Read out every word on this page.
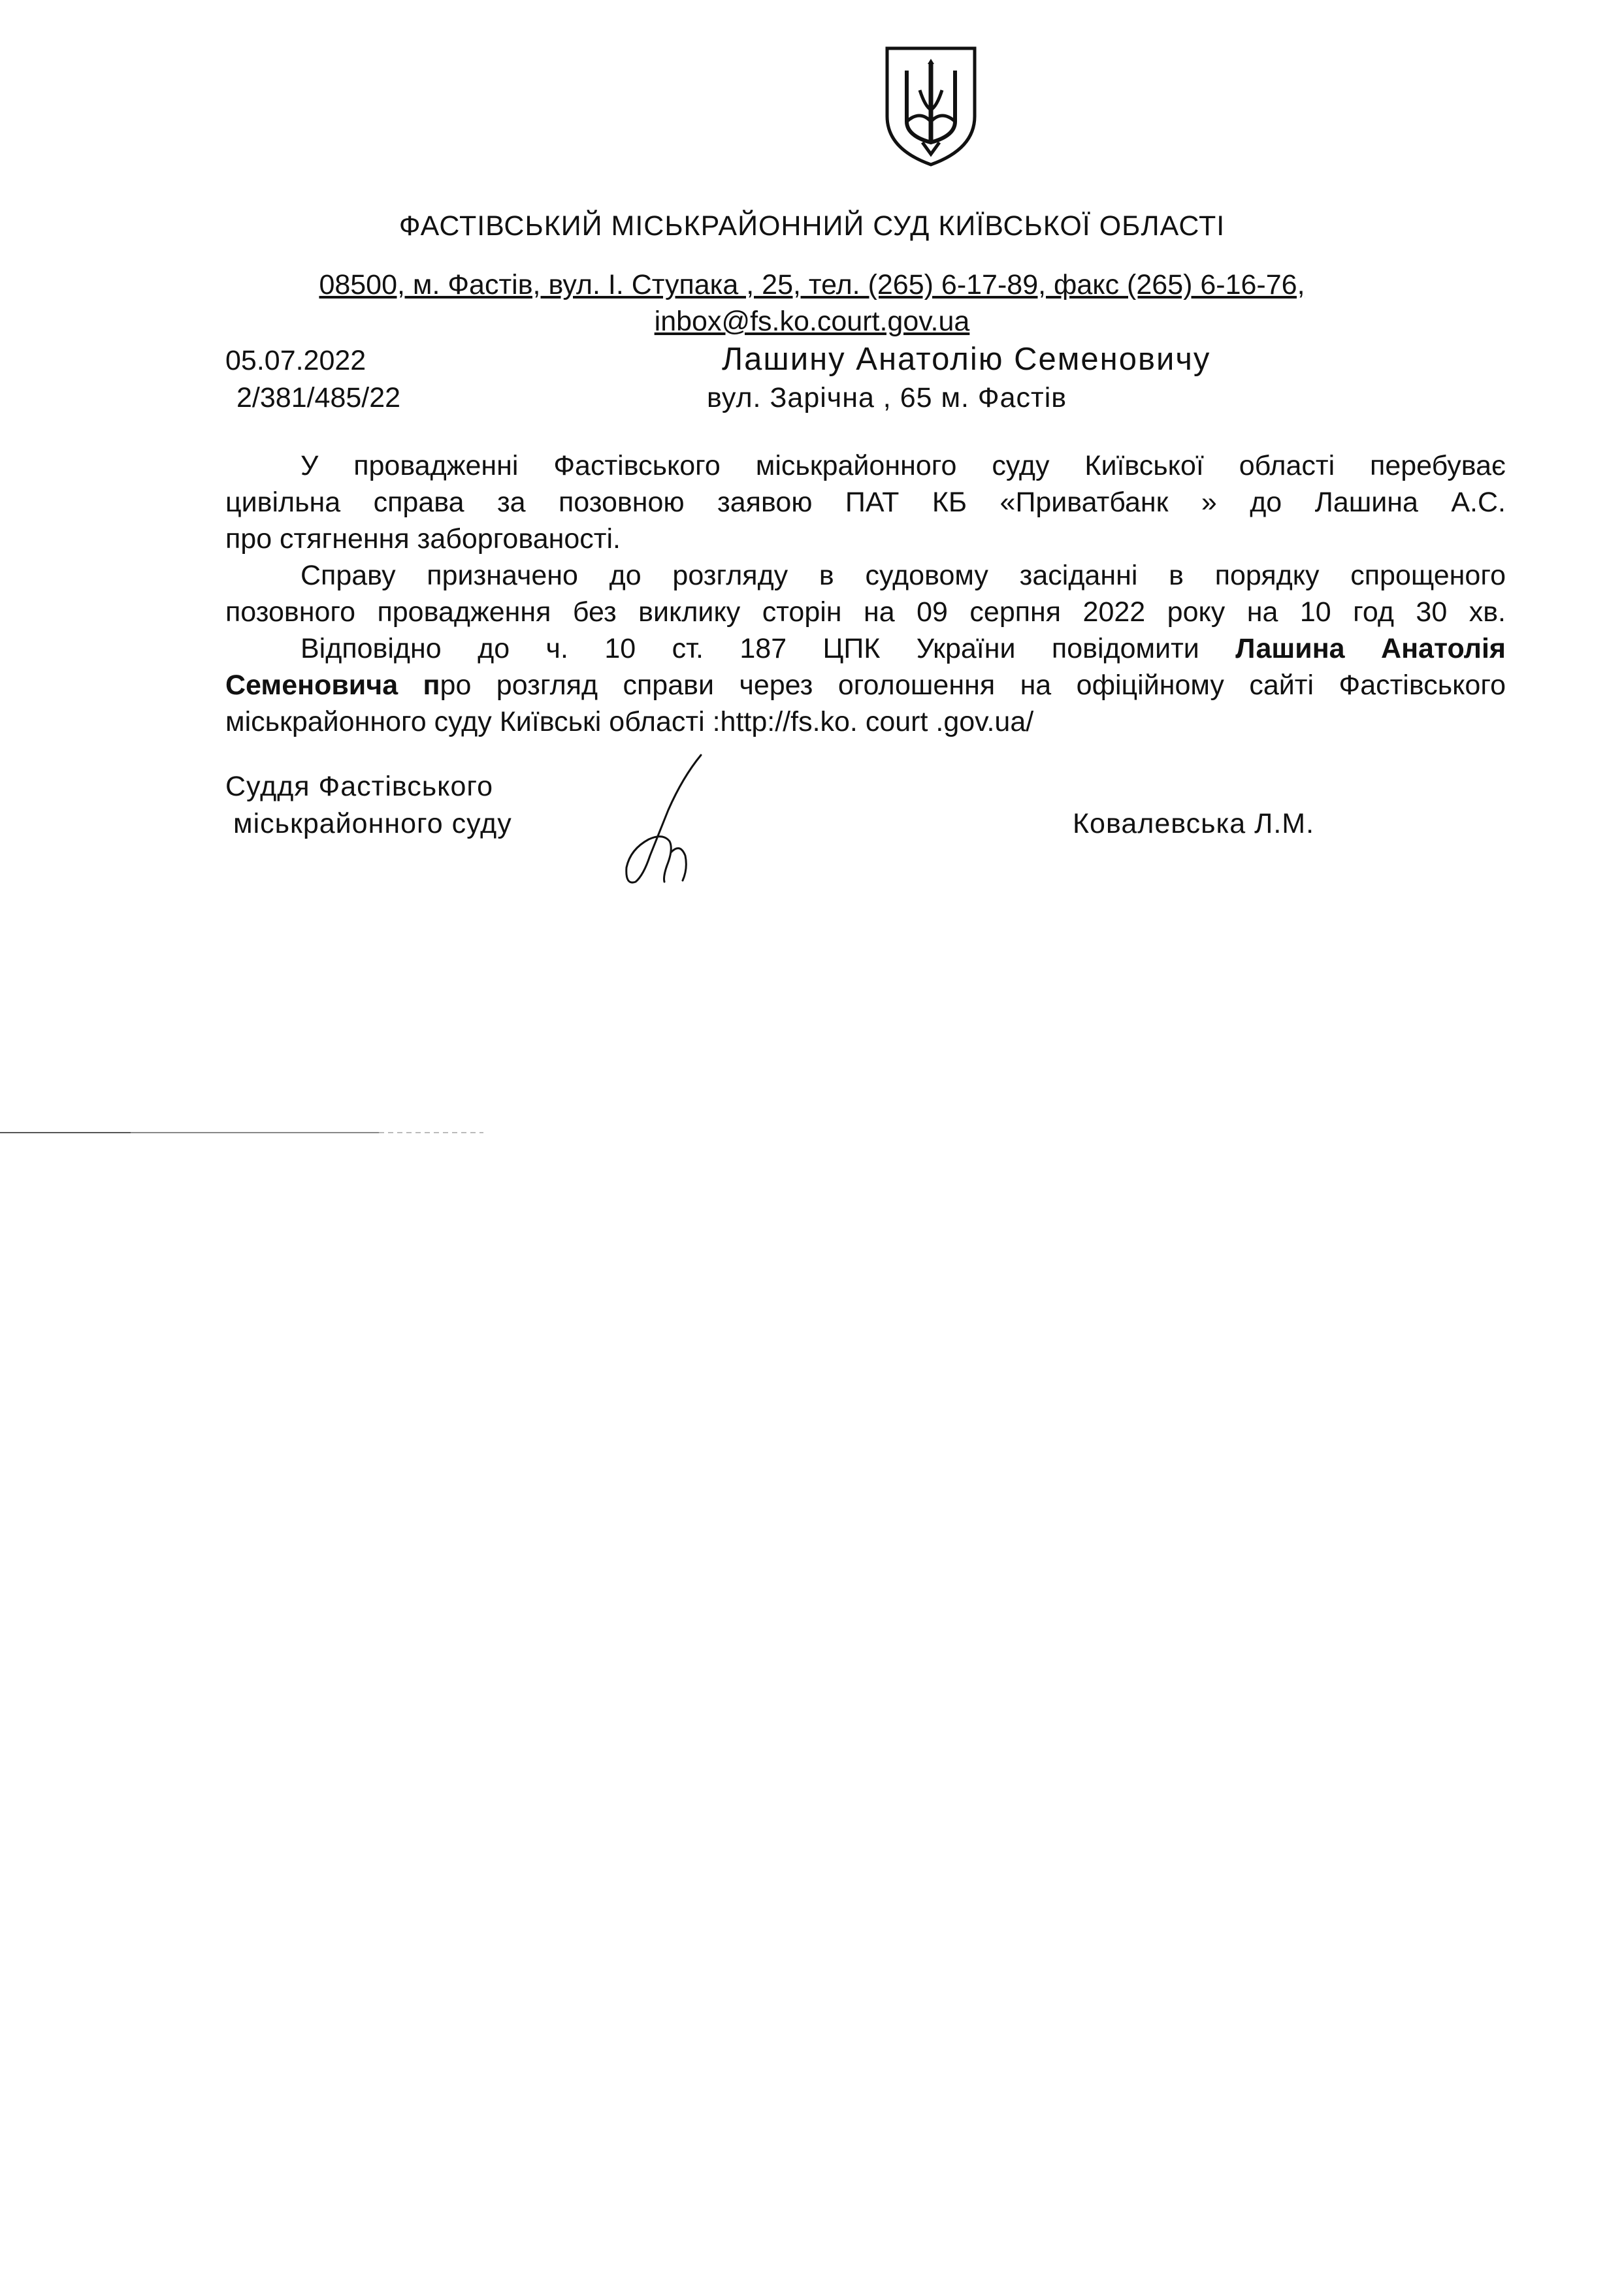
ФАСТІВСЬКИЙ МІСЬКРАЙОННИЙ СУД КИЇВСЬКОЇ ОБЛАСТІ
08500, м. Фастів, вул. І. Ступака , 25, тел. (265) 6-17-89, факс (265) 6-16-76,
inbox@fs.ko.court.gov.ua
05.07.2022
2/381/485/22
Лашину Анатолію Семеновичу
вул. Зарічна , 65 м. Фастів

У провадженні Фастівського міськрайонного суду Київської області перебуває

цивільна справа за позовною заявою ПАТ КБ «Приватбанк » до Лашина А.С.

про стягнення заборгованості.

Справу призначено до розгляду в судовому засіданні в порядку спрощеного

позовного провадження без виклику сторін на 09 серпня 2022 року на 10 год 30 хв.

Відповідно до ч. 10 ст. 187 ЦПК України повідомити Лашина Анатолія

Семеновича про розгляд справи через оголошення на офіційному сайті Фастівського

міськрайонного суду Київські області :http://fs.ko. court .gov.ua/

Суддя Фастівського
міськрайонного суду	Ковалевська Л.М.
